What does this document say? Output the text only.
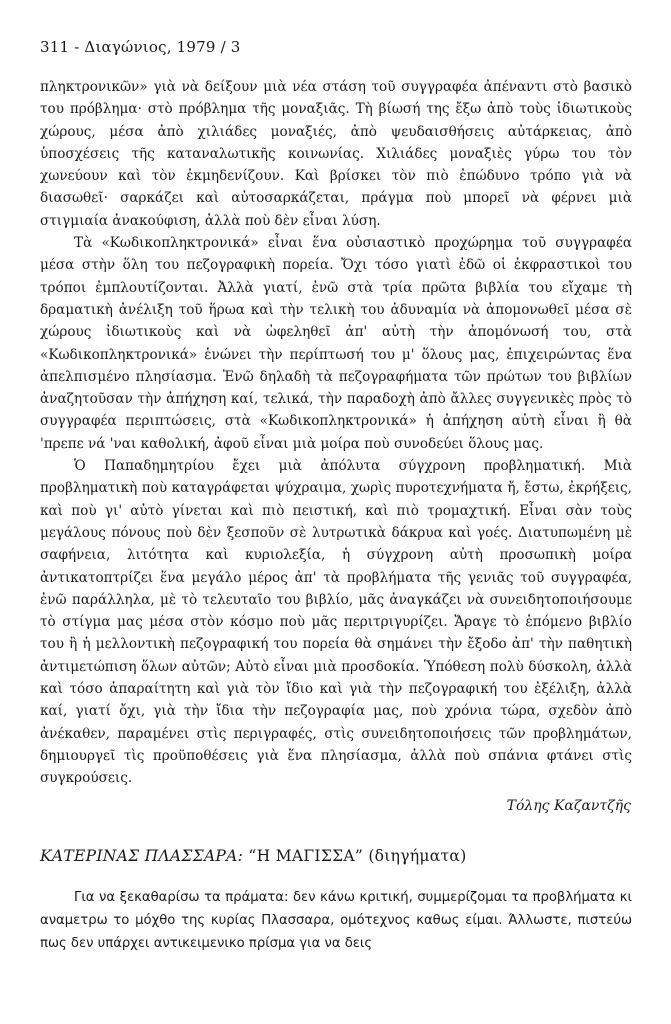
311 - Διαγώνιος, 1979 / 3

πληκτρονικῶν» γιὰ νὰ δείξουν μιὰ νέα στάση τοῦ συγγραφέα ἀπέναντι στὸ βασικὸ του πρόβλημα· στὸ πρόβλημα τῆς μοναξιᾶς. Τὴ βίωσή της ἔξω ἀπὸ τοὺς ἰδιωτικοὺς χώρους, μέσα ἀπὸ χιλιάδες μοναξιές, ἀπὸ ψευδαισθήσεις αὐτάρκειας, ἀπὸ ὑποσχέσεις τῆς καταναλωτικῆς κοινωνίας. Χιλιάδες μοναξιὲς γύρω του τὸν χωνεύουν καὶ τὸν ἐκμηδενίζουν. Καὶ βρίσκει τὸν πιὸ ἐπώδυνο τρόπο γιὰ νὰ διασωθεῖ· σαρκάζει καὶ αὐτοσαρκάζεται, πράγμα ποὺ μπορεῖ νὰ φέρνει μιὰ στιγμιαία ἀνακούφιση, ἀλλὰ ποὺ δὲν εἶναι λύση.

Τὰ «Κωδικοπληκτρονικά» εἶναι ἕνα οὐσιαστικὸ προχώρημα τοῦ συγγραφέα μέσα στὴν ὅλη του πεζογραφικὴ πορεία. Ὄχι τόσο γιατὶ ἐδῶ οἱ ἐκφραστικοὶ του τρόποι ἐμπλουτίζονται. Ἀλλὰ γιατί, ἐνῶ στὰ τρία πρῶτα βιβλία του εἴχαμε τὴ δραματικὴ ἀνέλιξη τοῦ ἥρωα καὶ τὴν τελικὴ του ἀδυναμία νὰ ἀπομονωθεῖ μέσα σὲ χώρους ἰδιωτικοὺς καὶ νὰ ὠφεληθεῖ ἀπ' αὐτὴ τὴν ἀπομόνωσή του, στὰ «Κωδικοπληκτρονικά» ἑνώνει τὴν περίπτωσή του μ' ὅλους μας, ἐπιχειρώντας ἕνα ἀπελπισμένο πλησίασμα. Ἐνῶ δηλαδὴ τὰ πεζογραφήματα τῶν πρώτων του βιβλίων ἀναζητοῦσαν τὴν ἀπήχηση καί, τελικά, τὴν παραδοχὴ ἀπὸ ἄλλες συγγενικὲς πρὸς τὸ συγγραφέα περιπτώσεις, στὰ «Κωδικοπληκτρονικά» ἡ ἀπήχηση αὐτὴ εἶναι ἢ θὰ 'πρεπε νά 'ναι καθολική, ἀφοῦ εἶναι μιὰ μοίρα ποὺ συνοδεύει ὅλους μας.

Ὁ Παπαδημητρίου ἔχει μιὰ ἀπόλυτα σύγχρονη προβληματική. Μιὰ προβληματικὴ ποὺ καταγράφεται ψύχραιμα, χωρὶς πυροτεχνήματα ἤ, ἔστω, ἐκρήξεις, καὶ ποὺ γι' αὐτὸ γίνεται καὶ πιὸ πειστική, καὶ πιὸ τρομαχτική. Εἶναι σὰν τοὺς μεγάλους πόνους ποὺ δὲν ξεσποῦν σὲ λυτρωτικὰ δάκρυα καὶ γοές. Διατυπωμένη μὲ σαφήνεια, λιτότητα καὶ κυριολεξία, ἡ σύγχρονη αὐτὴ προσωπικὴ μοίρα ἀντικατοπτρίζει ἕνα μεγάλο μέρος ἀπ' τὰ προβλήματα τῆς γενιᾶς τοῦ συγγραφέα, ἐνῶ παράλληλα, μὲ τὸ τελευταῖο του βιβλίο, μᾶς ἀναγκάζει νὰ συνειδητοποιήσουμε τὸ στίγμα μας μέσα στὸν κόσμο ποὺ μᾶς περιτριγυρίζει. Ἄραγε τὸ ἑπόμενο βιβλίο του ἢ ἡ μελλοντικὴ πεζογραφική του πορεία θὰ σημάνει τὴν ἔξοδο ἀπ' τὴν παθητικὴ ἀντιμετώπιση ὅλων αὐτῶν; Αὐτὸ εἶναι μιὰ προσδοκία. Ὑπόθεση πολὺ δύσκολη, ἀλλὰ καὶ τόσο ἀπαραίτητη καὶ γιὰ τὸν ἴδιο καὶ γιὰ τὴν πεζογραφική του ἐξέλιξη, ἀλλὰ καί, γιατί ὄχι, γιὰ τὴν ἴδια τὴν πεζογραφία μας, ποὺ χρόνια τώρα, σχεδὸν ἀπὸ ἀνέκαθεν, παραμένει στὶς περιγραφές, στὶς συνειδητοποιήσεις τῶν προβλημάτων, δημιουργεῖ τὶς προϋποθέσεις γιὰ ἕνα πλησίασμα, ἀλλὰ ποὺ σπάνια φτάνει στὶς συγκρούσεις.

Τόλης Καζαντζῆς
ΚΑΤΕΡΙΝΑΣ ΠΛΑΣΣΑΡΑ: “Η ΜΑΓΙΣΣΑ” (διηγήματα)

Για να ξεκαθαρίσω τα πράματα: δεν κάνω κριτική, συμμερίζομαι τα προβλήματα κι αναμετρω το μόχθο της κυρίας Πλασσαρα, ομότεχνος καθως είμαι. Άλλωστε, πιστεύω πως δεν υπάρχει αντικειμενικο πρίσμα για να δεις
